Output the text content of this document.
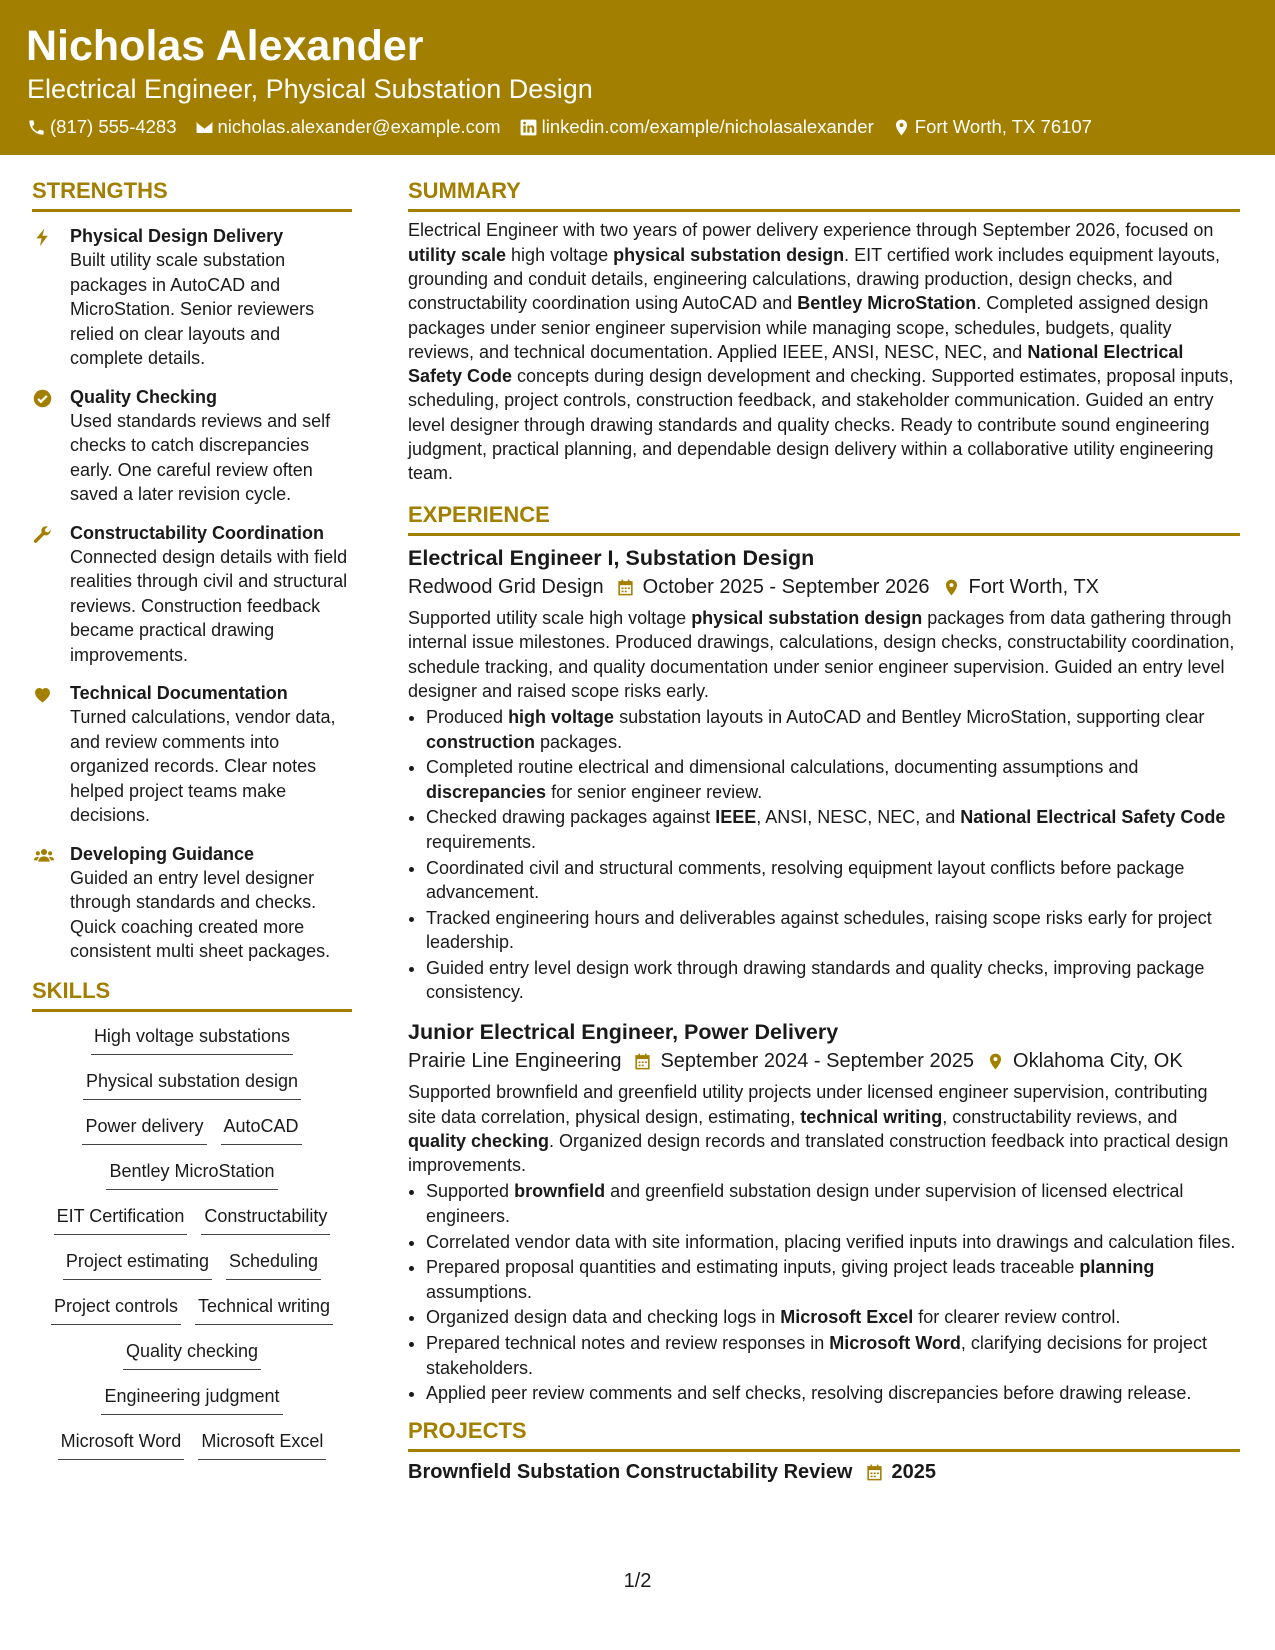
Nicholas Alexander
Electrical Engineer, Physical Substation Design
(817) 555-4283 nicholas.alexander@example.com linkedin.com/example/nicholasalexander Fort Worth, TX 76107
STRENGTHS
Physical Design Delivery
Built utility scale substation packages in AutoCAD and MicroStation. Senior reviewers relied on clear layouts and complete details.
Quality Checking
Used standards reviews and self checks to catch discrepancies early. One careful review often saved a later revision cycle.
Constructability Coordination
Connected design details with field realities through civil and structural reviews. Construction feedback became practical drawing improvements.
Technical Documentation
Turned calculations, vendor data, and review comments into organized records. Clear notes helped project teams make decisions.
Developing Guidance
Guided an entry level designer through standards and checks. Quick coaching created more consistent multi sheet packages.
SKILLS
High voltage substations
Physical substation design
Power delivery AutoCAD
Bentley MicroStation
EIT Certification Constructability
Project estimating Scheduling
Project controls Technical writing
Quality checking
Engineering judgment
Microsoft Word Microsoft Excel
SUMMARY

Electrical Engineer with two years of power delivery experience through September 2026, focused on utility scale high voltage physical substation design. EIT certified work includes equipment layouts, grounding and conduit details, engineering calculations, drawing production, design checks, and constructability coordination using AutoCAD and Bentley MicroStation. Completed assigned design packages under senior engineer supervision while managing scope, schedules, budgets, quality reviews, and technical documentation. Applied IEEE, ANSI, NESC, NEC, and National Electrical Safety Code concepts during design development and checking. Supported estimates, proposal inputs, scheduling, project controls, construction feedback, and stakeholder communication. Guided an entry level designer through drawing standards and quality checks. Ready to contribute sound engineering judgment, practical planning, and dependable design delivery within a collaborative utility engineering team.

EXPERIENCE
Electrical Engineer I, Substation Design
Redwood Grid Design October 2025 - September 2026 Fort Worth, TX

Supported utility scale high voltage physical substation design packages from data gathering through internal issue milestones. Produced drawings, calculations, design checks, constructability coordination, schedule tracking, and quality documentation under senior engineer supervision. Guided an entry level designer and raised scope risks early.

• Produced high voltage substation layouts in AutoCAD and Bentley MicroStation, supporting clear construction packages.
• Completed routine electrical and dimensional calculations, documenting assumptions and discrepancies for senior engineer review.
• Checked drawing packages against IEEE, ANSI, NESC, NEC, and National Electrical Safety Code requirements.
• Coordinated civil and structural comments, resolving equipment layout conflicts before package advancement.
• Tracked engineering hours and deliverables against schedules, raising scope risks early for project leadership.
• Guided entry level design work through drawing standards and quality checks, improving package consistency.
Junior Electrical Engineer, Power Delivery
Prairie Line Engineering September 2024 - September 2025 Oklahoma City, OK

Supported brownfield and greenfield utility projects under licensed engineer supervision, contributing site data correlation, physical design, estimating, technical writing, constructability reviews, and quality checking. Organized design records and translated construction feedback into practical design improvements.

• Supported brownfield and greenfield substation design under supervision of licensed electrical engineers.
• Correlated vendor data with site information, placing verified inputs into drawings and calculation files.
• Prepared proposal quantities and estimating inputs, giving project leads traceable planning assumptions.
• Organized design data and checking logs in Microsoft Excel for clearer review control.
• Prepared technical notes and review responses in Microsoft Word, clarifying decisions for project stakeholders.
• Applied peer review comments and self checks, resolving discrepancies before drawing release.
PROJECTS
Brownfield Substation Constructability Review 2025
1/2
